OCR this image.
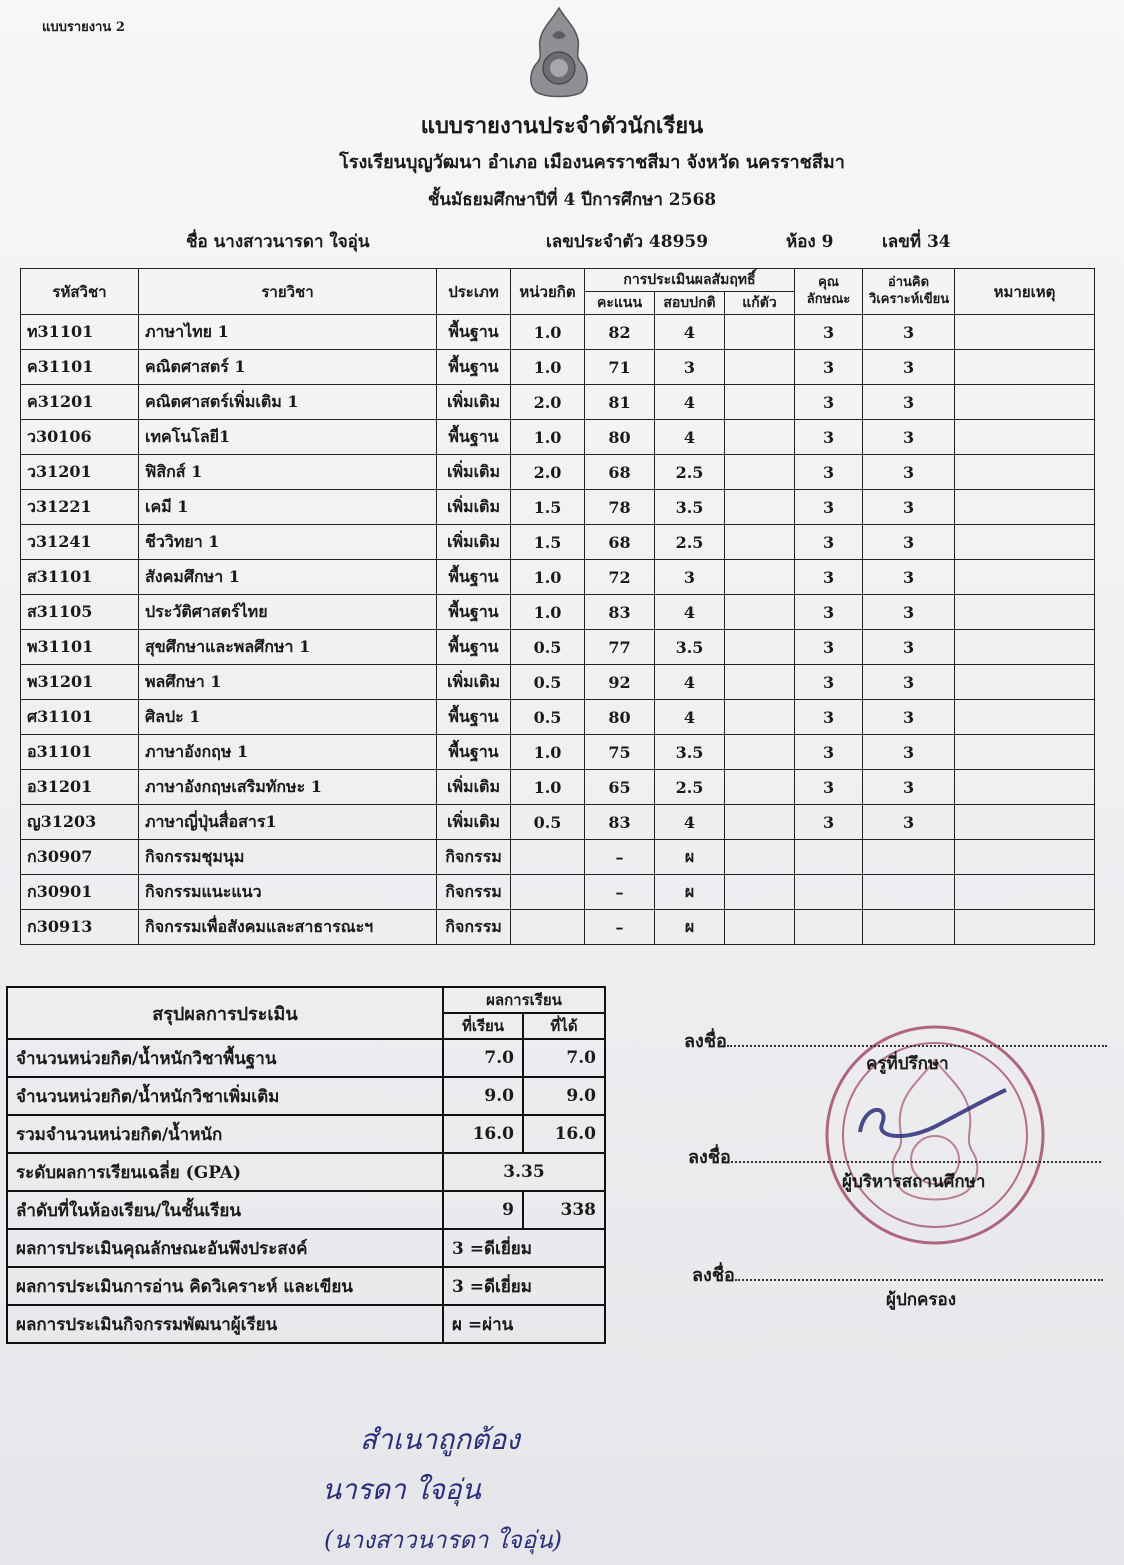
แบบรายงาน 2
แบบรายงานประจำตัวนักเรียน
โรงเรียนบุญวัฒนา อำเภอ เมืองนครราชสีมา จังหวัด นครราชสีมา
ชั้นมัธยมศึกษาปีที่ 4 ปีการศึกษา 2568
ชื่อ นางสาวนารดา ใจอุ่น	เลขประจำตัว 48959	ห้อง 9	เลขที่ 34
รหัสวิชา	รายวิชา	ประเภท	หน่วยกิต	การประเมินผลสัมฤทธิ์			คุณ
ลักษณะ	อ่านคิด
วิเคราะห์เขียน	หมายเหตุ
				คะแนน	สอบปกติ	แก้ตัว			
ท31101	ภาษาไทย 1	พื้นฐาน	1.0	82	4		3	3	
ค31101	คณิตศาสตร์ 1	พื้นฐาน	1.0	71	3		3	3	
ค31201	คณิตศาสตร์เพิ่มเติม 1	เพิ่มเติม	2.0	81	4		3	3	
ว30106	เทคโนโลยี1	พื้นฐาน	1.0	80	4		3	3	
ว31201	ฟิสิกส์ 1	เพิ่มเติม	2.0	68	2.5		3	3	
ว31221	เคมี 1	เพิ่มเติม	1.5	78	3.5		3	3	
ว31241	ชีววิทยา 1	เพิ่มเติม	1.5	68	2.5		3	3	
ส31101	สังคมศึกษา 1	พื้นฐาน	1.0	72	3		3	3	
ส31105	ประวัติศาสตร์ไทย	พื้นฐาน	1.0	83	4		3	3	
พ31101	สุขศึกษาและพลศึกษา 1	พื้นฐาน	0.5	77	3.5		3	3	
พ31201	พลศึกษา 1	เพิ่มเติม	0.5	92	4		3	3	
ศ31101	ศิลปะ 1	พื้นฐาน	0.5	80	4		3	3	
อ31101	ภาษาอังกฤษ 1	พื้นฐาน	1.0	75	3.5		3	3	
อ31201	ภาษาอังกฤษเสริมทักษะ 1	เพิ่มเติม	1.0	65	2.5		3	3	
ญ31203	ภาษาญี่ปุ่นสื่อสาร1	เพิ่มเติม	0.5	83	4		3	3	
ก30907	กิจกรรมชุมนุม	กิจกรรม		–	ผ				
ก30901	กิจกรรมแนะแนว	กิจกรรม		–	ผ				
ก30913	กิจกรรมเพื่อสังคมและสาธารณะฯ	กิจกรรม		–	ผ				
สรุปผลการประเมิน	ผลการเรียน	
	ที่เรียน	ที่ได้
จำนวนหน่วยกิต/น้ำหนักวิชาพื้นฐาน	7.0	7.0
จำนวนหน่วยกิต/น้ำหนักวิชาเพิ่มเติม	9.0	9.0
รวมจำนวนหน่วยกิต/น้ำหนัก	16.0	16.0
ระดับผลการเรียนเฉลี่ย (GPA)	3.35	
ลำดับที่ในห้องเรียน/ในชั้นเรียน	9	338
ผลการประเมินคุณลักษณะอันพึงประสงค์	3 =ดีเยี่ยม	
ผลการประเมินการอ่าน คิดวิเคราะห์ และเขียน	3 =ดีเยี่ยม	
ผลการประเมินกิจกรรมพัฒนาผู้เรียน	ผ =ผ่าน	
ลงชื่อ
ครูที่ปรึกษา
ลงชื่อ
ผู้บริหารสถานศึกษา
ลงชื่อ
ผู้ปกครอง
สำเนาถูกต้อง
นารดา ใจอุ่น
(นางสาวนารดา ใจอุ่น)
